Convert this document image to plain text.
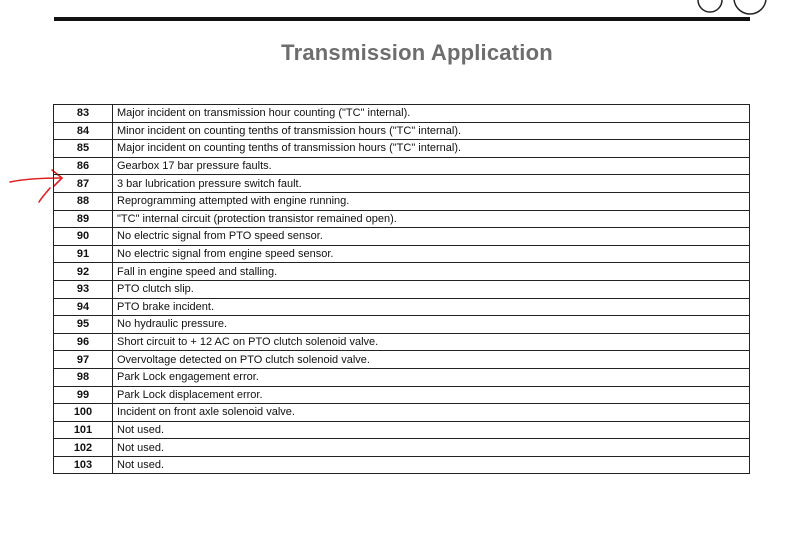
Transmission Application
83	Major incident on transmission hour counting ("TC" internal).
84	Minor incident on counting tenths of transmission hours ("TC" internal).
85	Major incident on counting tenths of transmission hours ("TC" internal).
86	Gearbox 17 bar pressure faults.
87	3 bar lubrication pressure switch fault.
88	Reprogramming attempted with engine running.
89	"TC" internal circuit (protection transistor remained open).
90	No electric signal from PTO speed sensor.
91	No electric signal from engine speed sensor.
92	Fall in engine speed and stalling.
93	PTO clutch slip.
94	PTO brake incident.
95	No hydraulic pressure.
96	Short circuit to + 12 AC on PTO clutch solenoid valve.
97	Overvoltage detected on PTO clutch solenoid valve.
98	Park Lock engagement error.
99	Park Lock displacement error.
100	Incident on front axle solenoid valve.
101	Not used.
102	Not used.
103	Not used.
